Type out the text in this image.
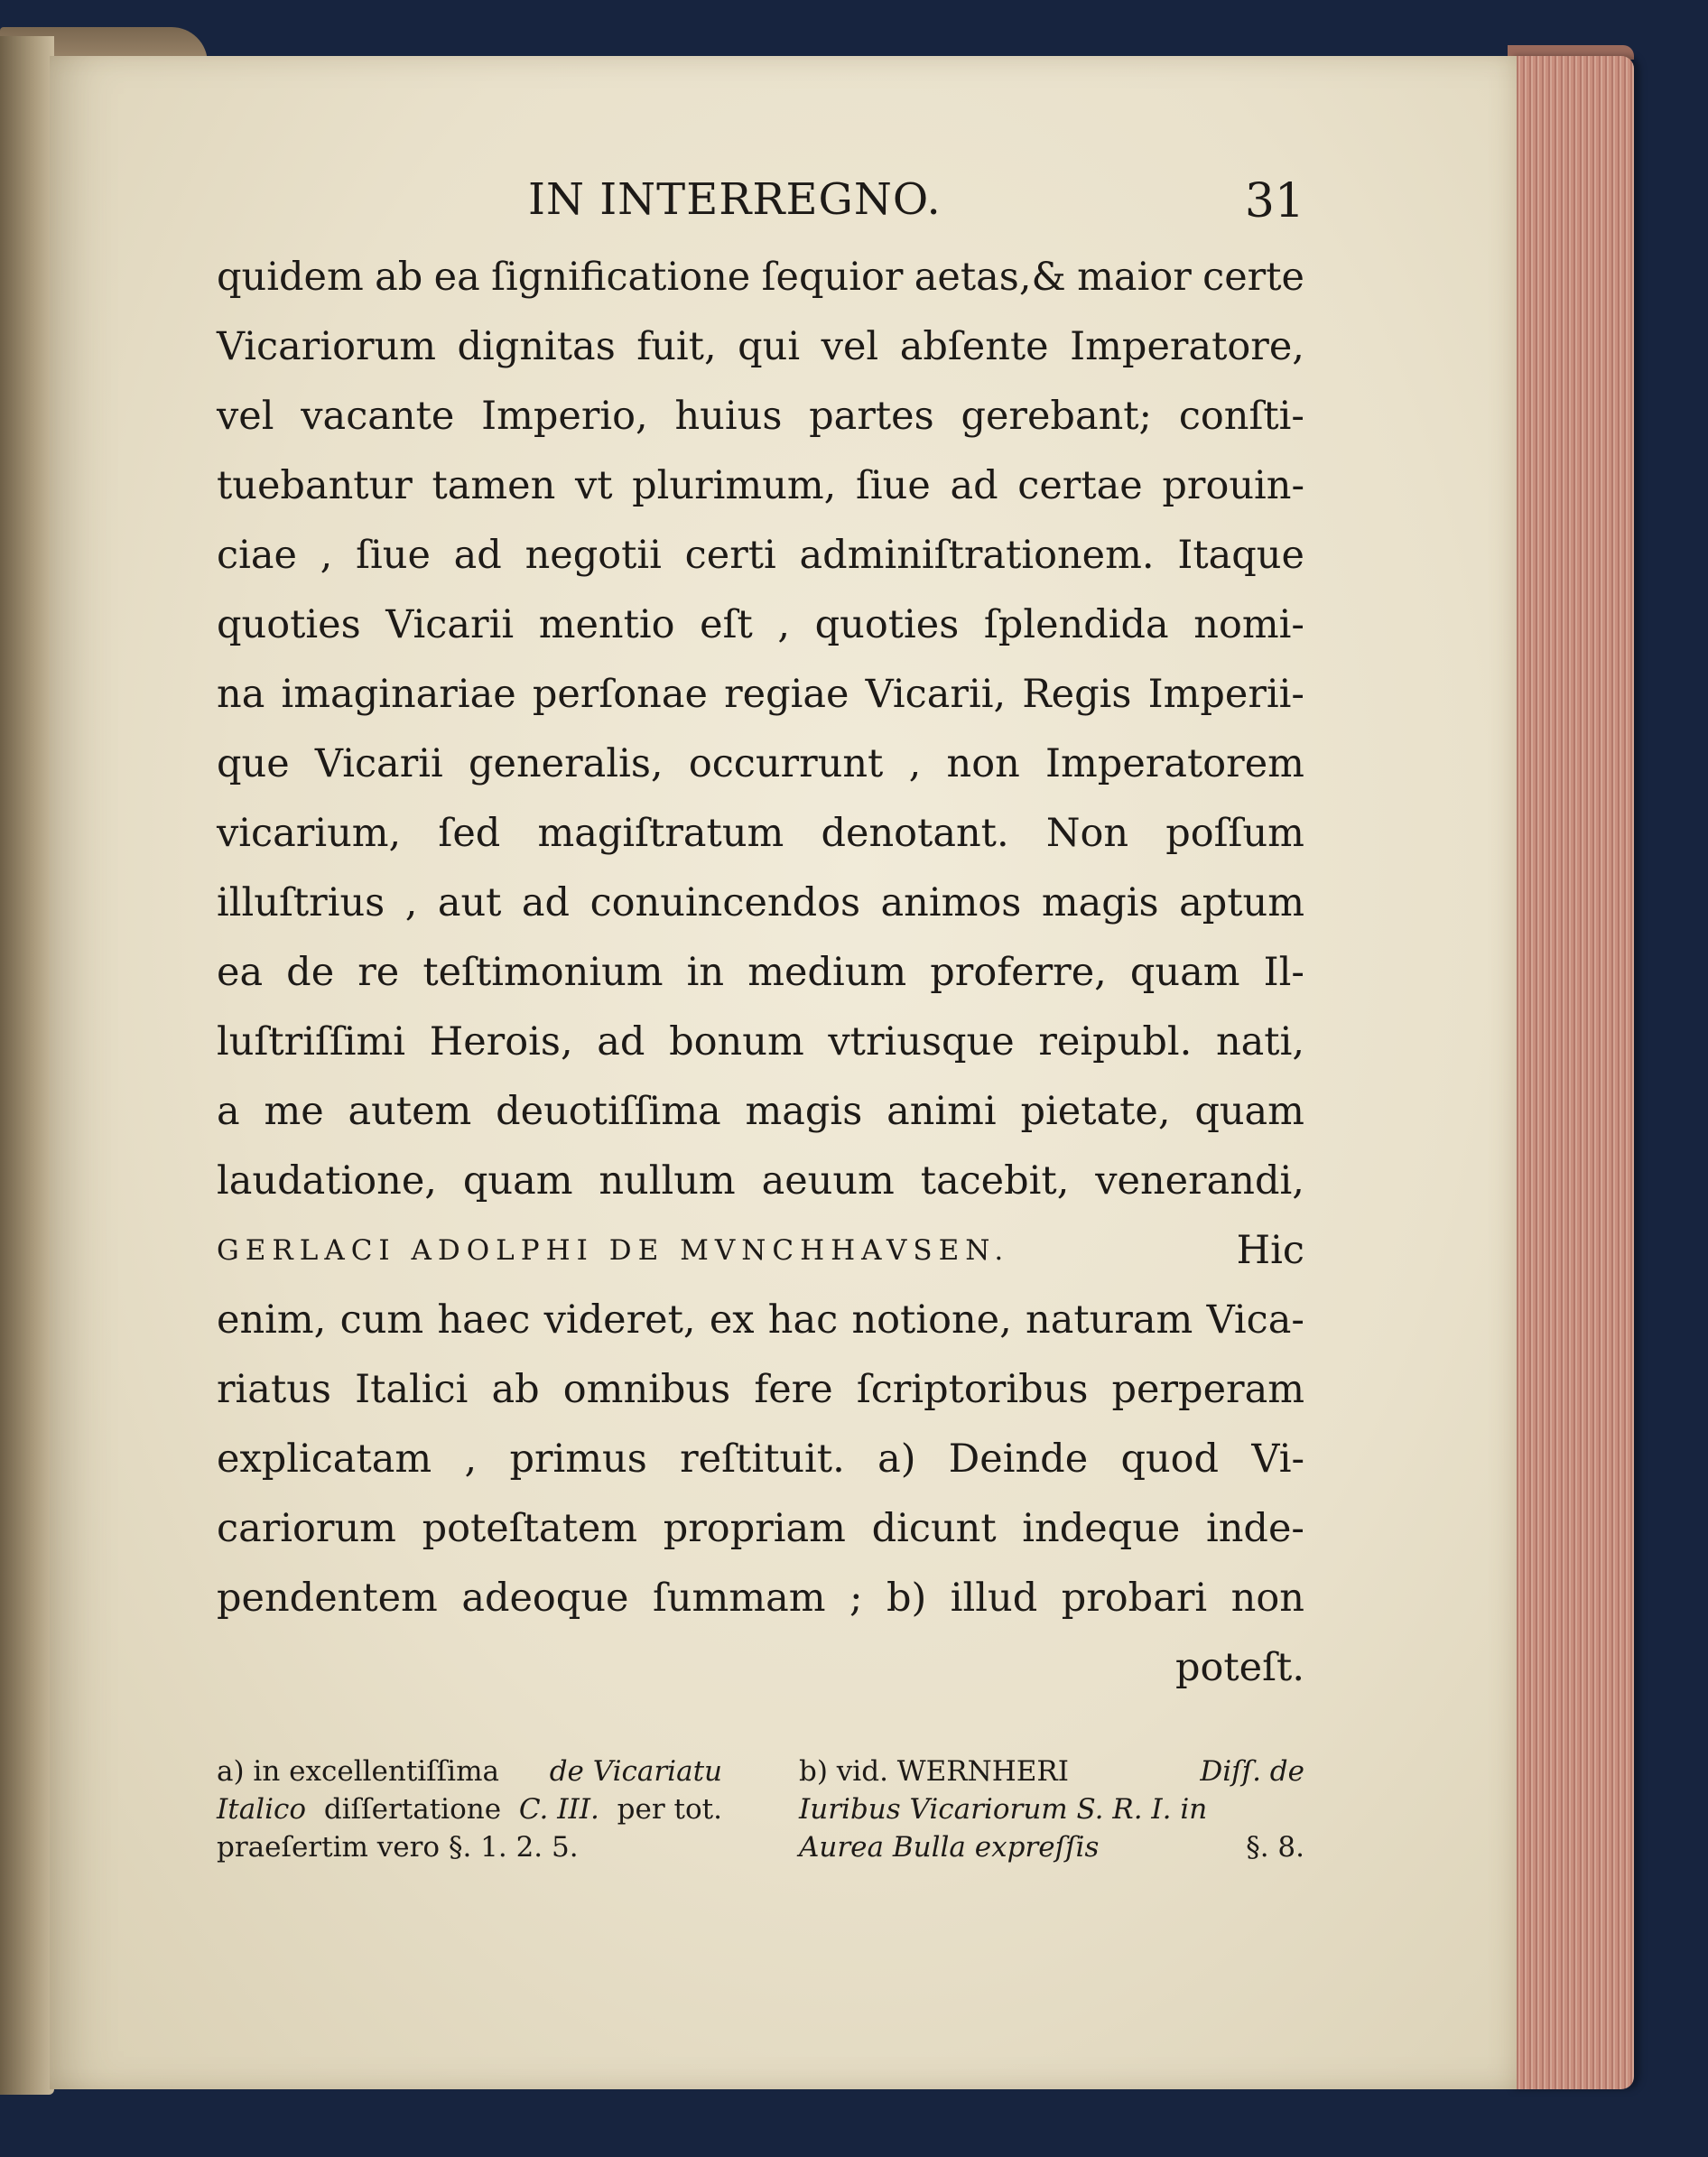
IN INTERREGNO.	31
quidem ab ea ſignificatione ſequior aetas,& maior certe
Vicariorum dignitas fuit, qui vel abſente Imperatore,
vel vacante Imperio, huius partes gerebant; conſti-
tuebantur tamen vt plurimum, ſiue ad certae prouin-
ciae , ſiue ad negotii certi adminiſtrationem. Itaque
quoties Vicarii mentio eſt , quoties ſplendida nomi-
na imaginariae perſonae regiae Vicarii, Regis Imperii-
que Vicarii generalis, occurrunt , non Imperatorem
vicarium, ſed magiſtratum denotant. Non poſſum
illuſtrius , aut ad conuincendos animos magis aptum
ea de re teſtimonium in medium proferre, quam Il-
luſtriſſimi Herois, ad bonum vtriusque reipubl. nati,
a me autem deuotiſſima magis animi pietate, quam
laudatione, quam nullum aeuum tacebit, venerandi,
GERLACI ADOLPHI DE MVNCHHAVSEN.	Hic
enim, cum haec videret, ex hac notione, naturam Vica-
riatus Italici ab omnibus fere ſcriptoribus perperam
explicatam , primus reſtituit. a) Deinde quod Vi-
cariorum poteſtatem propriam dicunt indeque inde-
pendentem adeoque ſummam ; b) illud probari non
poteſt.
a) in excellentiſſima de Vicariatu
Italico diſſertatione C. III. per tot.
praeſertim vero §. 1. 2. 5.
b) vid. WERNHERI	Diſſ. de
Iuribus Vicariorum S. R. I. in
Aurea Bulla expreſſis	§. 8.
